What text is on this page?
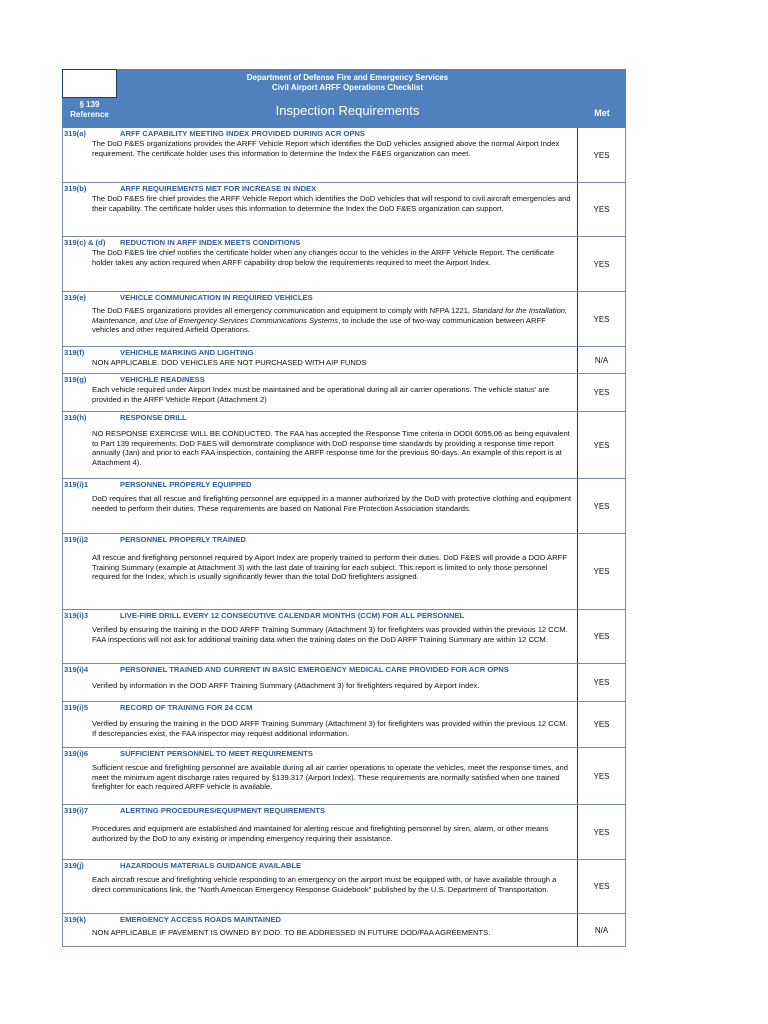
§ 139
Reference
Department of Defense Fire and Emergency Services
Civil Airport ARFF Operations Checklist
Inspection Requirements	Met
319(a)	ARFF CAPABILITY MEETING INDEX PROVIDED DURING ACR OPNS
The DoD F&ES organizations provides the ARFF Vehicle Report which identifies the DoD vehicles assigned above the normal Airport Index requirement. The certificate holder uses this information to determine the Index the F&ES organization can meet.	YES
319(b)	ARFF REQUIREMENTS MET FOR INCREASE IN INDEX
The DoD F&ES fire chief provides the ARFF Vehicle Report which identifies the DoD vehicles that will respond to civil aircraft emergencies and their capability. The certificate holder uses this information to determine the Index the DoD F&ES organization can support.	YES
319(c) & (d)	REDUCTION IN ARFF INDEX MEETS CONDITIONS
The DoD F&ES fire chief notifies the certificate holder when any changes occur to the vehicles in the ARFF Vehicle Report. The certificate holder takes any action required when ARFF capability drop below the requirements required to meet the Airport Index.	YES
319(e)	VEHICLE COMMUNICATION IN REQUIRED VEHICLES
The DoD F&ES organizations provides all emergency communication and equipment to comply with NFPA 1221, Standard for the Installation, Maintenance, and Use of Emergency Services Communications Systems, to include the use of two-way communication between ARFF vehicles and other required Airfield Operations.
YES
319(f)	VEHICHLE MARKING AND LIGHTING
NON APPLICABLE. DOD VEHICLES ARE NOT PURCHASED WITH AIP FUNDS	N/A
319(g)	VEHICHLE READINESS
Each vehicle required under Airport Index must be maintained and be operational during all air carrier operations. The vehicle status' are provided in the ARFF Vehicle Report (Attachment 2)
YES
319(h)	RESPONSE DRILL
NO RESPONSE EXERCISE WILL BE CONDUCTED. The FAA has accepted the Response Time criteria in DODI 6055.06 as being equivalent to Part 139 requirements. DoD F&ES will demonstrate compliance with DoD response time standards by providing a response time report annually (Jan) and prior to each FAA inspection, containing the ARFF response time for the previous 90-days. An example of this report is at Attachment 4).
YES
319(i)1	PERSONNEL PROPERLY EQUIPPED
DoD requires that all rescue and firefighting personnel are equipped in a manner authorized by the DoD with protective clothing and equipment needed to perform their duties. These requirements are based on National Fire Protection Association standards.	YES
319(i)2	PERSONNEL PROPERLY TRAINED
All rescue and firefighting personnel required by Aiport Index are properly trained to perform their duties. DoD F&ES will provide a DOD ARFF Training Summary (example at Attachment 3) with the last date of training for each subject. This report is limited to only those personnel required for the Index, which is usually significantly fewer than the total DoD firefighters assigned.
YES
319(i)3	LIVE-FIRE DRILL EVERY 12 CONSECUTIVE CALENDAR MONTHS (CCM) FOR ALL PERSONNEL
Verified by ensuring the training in the DOD ARFF Training Summary (Attachment 3) for firefighters was provided within the previous 12 CCM. FAA inspections will not ask for additional training data when the training dates on the DoD ARFF Training Summary are within 12 CCM.	YES
319(i)4	PERSONNEL TRAINED AND CURRENT IN BASIC EMERGENCY MEDICAL CARE PROVIDED FOR ACR OPNS
Verified by information in the DOD ARFF Training Summary (Attachment 3) for firefighters required by Airport Index.	YES
319(i)5	RECORD OF TRAINING FOR 24 CCM
Verified by ensuring the training in the DOD ARFF Training Summary (Attachment 3) for firefighters was provided within the previous 12 CCM. If descrepancies exist, the FAA inspector may request additional information.
YES
319(i)6	SUFFICIENT PERSONNEL TO MEET REQUIREMENTS
Sufficient rescue and firefighting personnel are available during all air carrier operations to operate the vehicles, meet the response times, and meet the minimum agent discharge rates required by §139.317 (Airport Index). These requirements are normally satisfied when one trained firefighter for each required ARFF vehicle is available.
YES
319(i)7	ALERTING PROCEDURES/EQUIPMENT REQUIREMENTS
Procedures and equipment are established and maintained for alerting rescue and firefighting personnel by siren, alarm, or other means authorized by the DoD to any existing or impending emergency requiring their assistance.
YES
319(j)	HAZARDOUS MATERIALS GUIDANCE AVAILABLE
Each aircraft rescue and firefighting vehicle responding to an emergency on the airport must be equipped with, or have available through a direct communications link, the "North American Emergency Response Guidebook" published by the U.S. Department of Transportation.	YES
319(k)	EMERGENCY ACCESS ROADS MAINTAINED
NON APPLICABLE IF PAVEMENT IS OWNED BY DOD. TO BE ADDRESSED IN FUTURE DOD/FAA AGREEMENTS.	N/A
